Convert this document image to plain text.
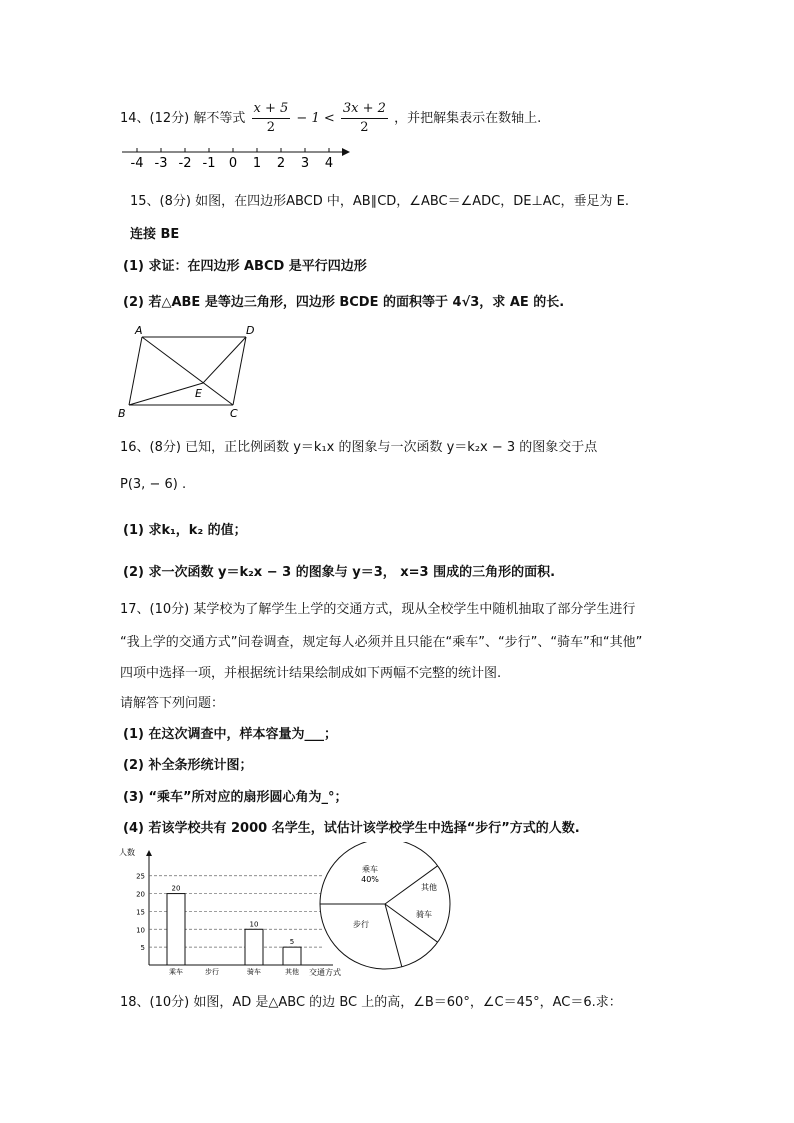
14、(12分) 解不等式 $\frac{x + 5}{2} - 1 < \frac{3x + 2}{2}$ ，并把解集表示在数轴上.
-4 -3 -2 -1 0 1 2 3 4
15、(8分) 如图，在四边形ABCD 中，AB∥CD，∠ABC＝∠ADC，DE⊥AC，垂足为 E.
连接 BE
(1) 求证：在四边形 ABCD 是平行四边形
(2) 若△ABE 是等边三角形，四边形 BCDE 的面积等于 4√3，求 AE 的长.
A	D
B	C
E
16、(8分) 已知，正比例函数 y＝k₁x 的图象与一次函数 y＝k₂x − 3 的图象交于点
P(3, − 6) .
(1) 求k₁，k₂ 的值；
(2) 求一次函数 y＝k₂x − 3 的图象与 y＝3， x=3 围成的三角形的面积.
17、(10分) 某学校为了解学生上学的交通方式，现从全校学生中随机抽取了部分学生进行
“我上学的交通方式”问卷调查，规定每人必须并且只能在“乘车”、“步行”、“骑车”和“其他”
四项中选择一项，并根据统计结果绘制成如下两幅不完整的统计图.
请解答下列问题：
(1) 在这次调查中，样本容量为___；
(2) 补全条形统计图；
(3) “乘车”所对应的扇形圆心角为_°；
(4) 若该学校共有 2000 名学生，试估计该学校学生中选择“步行”方式的人数.
人数
交通方式
5
10
15
20
25
20
乘车	步行
10
骑车
5
其他
乘车
其他
骑车
步行
40%
18、(10分) 如图，AD 是△ABC 的边 BC 上的高，∠B＝60°，∠C＝45°，AC＝6.求：
